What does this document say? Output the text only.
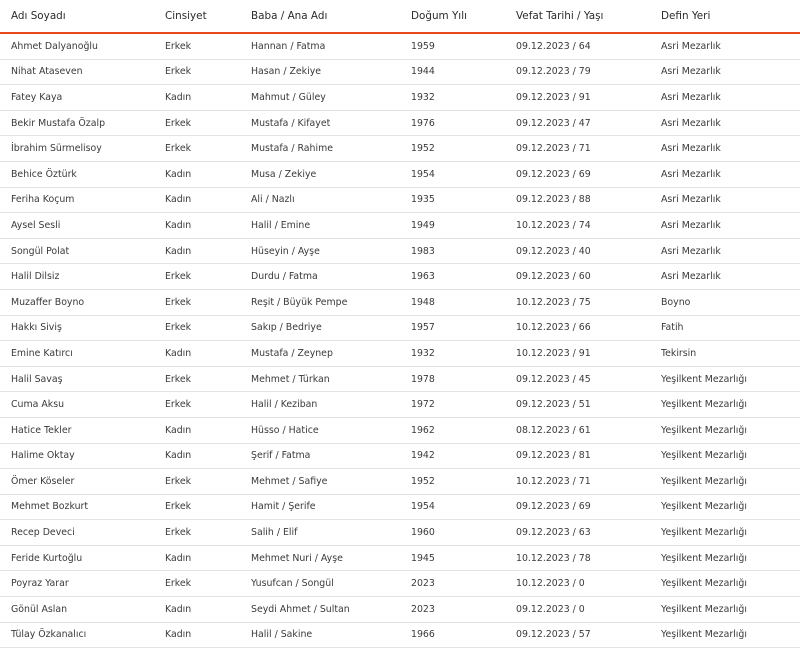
Adı Soyadı	Cinsiyet	Baba / Ana Adı	Doğum Yılı	Vefat Tarihi / Yaşı	Defin Yeri
Ahmet Dalyanoğlu	Erkek	Hannan / Fatma	1959	09.12.2023 / 64	Asri Mezarlık
Nihat Ataseven	Erkek	Hasan / Zekiye	1944	09.12.2023 / 79	Asri Mezarlık
Fatey Kaya	Kadın	Mahmut / Güley	1932	09.12.2023 / 91	Asri Mezarlık
Bekir Mustafa Özalp	Erkek	Mustafa / Kifayet	1976	09.12.2023 / 47	Asri Mezarlık
İbrahim Sürmelisoy	Erkek	Mustafa / Rahime	1952	09.12.2023 / 71	Asri Mezarlık
Behice Öztürk	Kadın	Musa / Zekiye	1954	09.12.2023 / 69	Asri Mezarlık
Feriha Koçum	Kadın	Ali / Nazlı	1935	09.12.2023 / 88	Asri Mezarlık
Aysel Sesli	Kadın	Halil / Emine	1949	10.12.2023 / 74	Asri Mezarlık
Songül Polat	Kadın	Hüseyin / Ayşe	1983	09.12.2023 / 40	Asri Mezarlık
Halil Dilsiz	Erkek	Durdu / Fatma	1963	09.12.2023 / 60	Asri Mezarlık
Muzaffer Boyno	Erkek	Reşit / Büyük Pempe	1948	10.12.2023 / 75	Boyno
Hakkı Siviş	Erkek	Sakıp / Bedriye	1957	10.12.2023 / 66	Fatih
Emine Katırcı	Kadın	Mustafa / Zeynep	1932	10.12.2023 / 91	Tekirsin
Halil Savaş	Erkek	Mehmet / Türkan	1978	09.12.2023 / 45	Yeşilkent Mezarlığı
Cuma Aksu	Erkek	Halil / Keziban	1972	09.12.2023 / 51	Yeşilkent Mezarlığı
Hatice Tekler	Kadın	Hüsso / Hatice	1962	08.12.2023 / 61	Yeşilkent Mezarlığı
Halime Oktay	Kadın	Şerif / Fatma	1942	09.12.2023 / 81	Yeşilkent Mezarlığı
Ömer Köseler	Erkek	Mehmet / Safiye	1952	10.12.2023 / 71	Yeşilkent Mezarlığı
Mehmet Bozkurt	Erkek	Hamit / Şerife	1954	09.12.2023 / 69	Yeşilkent Mezarlığı
Recep Deveci	Erkek	Salih / Elif	1960	09.12.2023 / 63	Yeşilkent Mezarlığı
Feride Kurtoğlu	Kadın	Mehmet Nuri / Ayşe	1945	10.12.2023 / 78	Yeşilkent Mezarlığı
Poyraz Yarar	Erkek	Yusufcan / Songül	2023	10.12.2023 / 0	Yeşilkent Mezarlığı
Gönül Aslan	Kadın	Seydi Ahmet / Sultan	2023	09.12.2023 / 0	Yeşilkent Mezarlığı
Tülay Özkanalıcı	Kadın	Halil / Sakine	1966	09.12.2023 / 57	Yeşilkent Mezarlığı
